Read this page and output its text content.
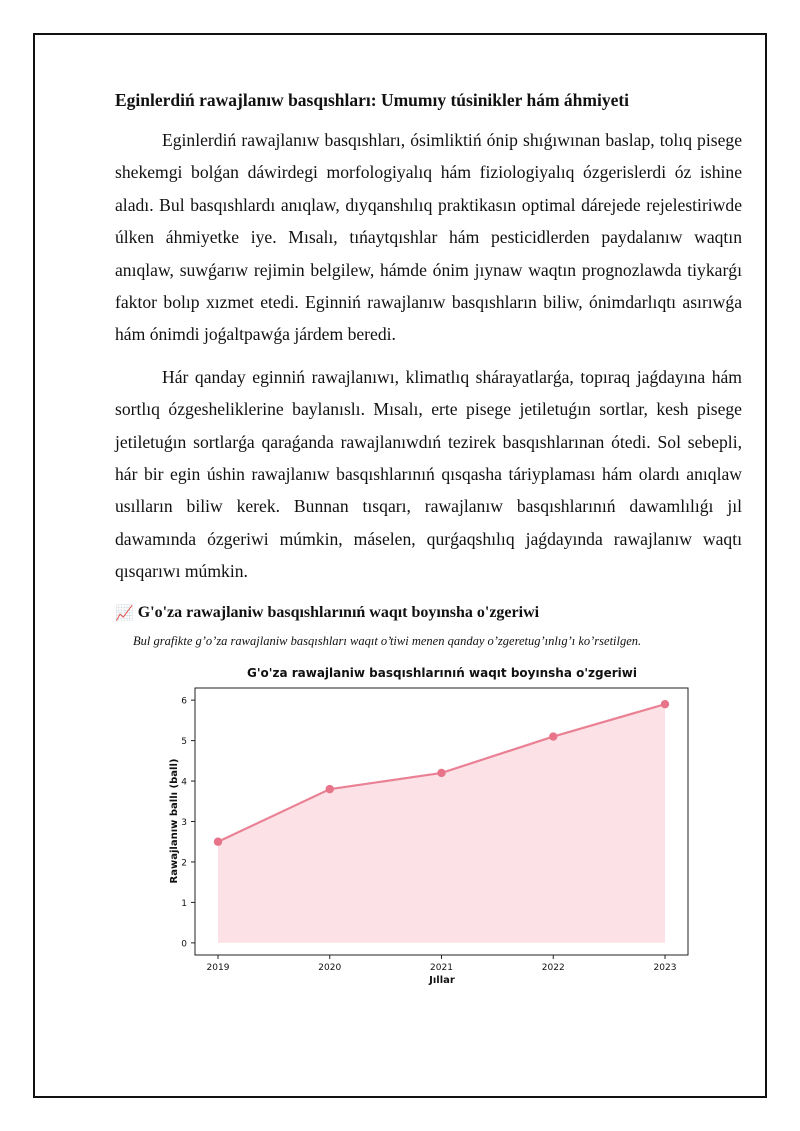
Eginlerdiń rawajlanıw basqıshları: Umumıy túsinikler hám áhmiyeti

Eginlerdiń rawajlanıw basqıshları, ósimliktiń ónip shıǵıwınan baslap, tolıq pisege shekemgi bolǵan dáwirdegi morfologiyalıq hám fiziologiyalıq ózgerislerdi óz ishine aladı. Bul basqıshlardı anıqlaw, dıyqanshılıq praktikasın optimal dárejede rejelestiriwde úlken áhmiyetke iye. Mısalı, tıńaytqıshlar hám pesticidlerden paydalanıw waqtın anıqlaw, suwǵarıw rejimin belgilew, hámde ónim jıynaw waqtın prognozlawda tiykarǵı faktor bolıp xızmet etedi. Eginniń rawajlanıw basqıshların biliw, ónimdarlıqtı asırıwǵa hám ónimdi joǵaltpawǵa járdem beredi.

Hár qanday eginniń rawajlanıwı, klimatlıq shárayatlarǵa, topıraq jaǵdayına hám sortlıq ózgesheliklerine baylanıslı. Mısalı, erte pisege jetiletuǵın sortlar, kesh pisege jetiletuǵın sortlarǵa qaraǵanda rawajlanıwdıń tezirek basqıshlarınan ótedi. Sol sebepli, hár bir egin úshin rawajlanıw basqıshlarınıń qısqasha táriyplaması hám olardı anıqlaw usılların biliw kerek. Bunnan tısqarı, rawajlanıw basqıshlarınıń dawamlılıǵı jıl dawamında ózgeriwi múmkin, máselen, qurǵaqshılıq jaǵdayında rawajlanıw waqtı qısqarıwı múmkin.

📈 G'o'za rawajlaniw basqıshlarınıń waqıt boyınsha o'zgeriwi
Bul grafikte g’o’za rawajlaniw basqıshları waqıt o’tiwi menen qanday o’zgeretug’ınlıg’ı ko’rsetilgen.
G'o'za rawajlaniw basqıshlarınıń waqıt boyınsha o'zgeriwi
0
1
2
3
4
5
6
2019	2020	2021	2022	2023
Jıllar
Rawajlanıw ballı (ball)
